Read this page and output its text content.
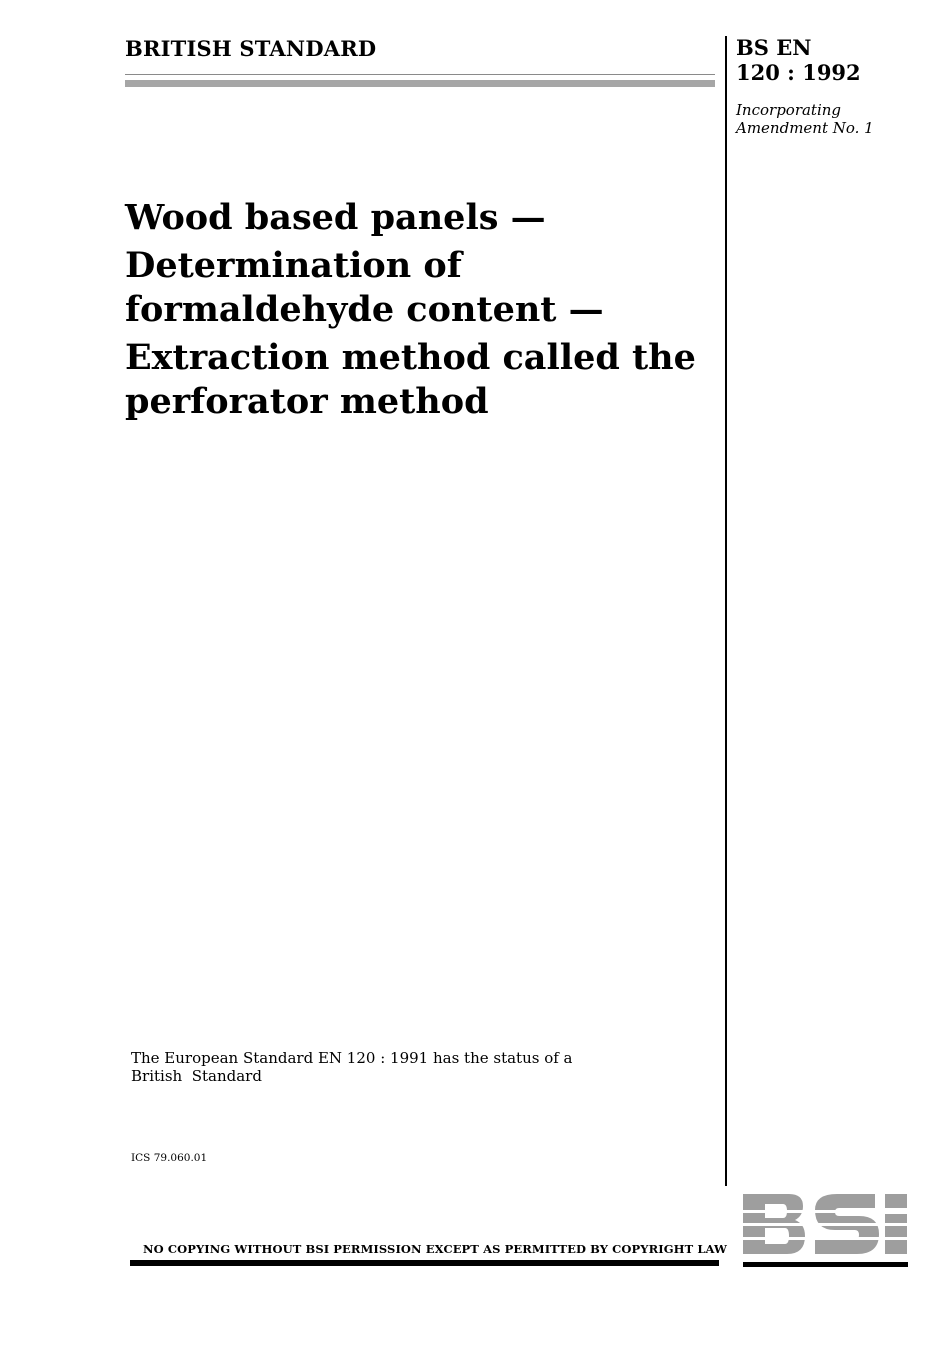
BRITISH STANDARD	BS EN
120 : 1992
Incorporating
Amendment No. 1
Wood based panels —
Determination of
formaldehyde content —
Extraction method called the
perforator method
The European Standard EN 120 : 1991 has the status of a
British  Standard
ICS 79.060.01
NO COPYING WITHOUT BSI PERMISSION EXCEPT AS PERMITTED BY COPYRIGHT LAW
